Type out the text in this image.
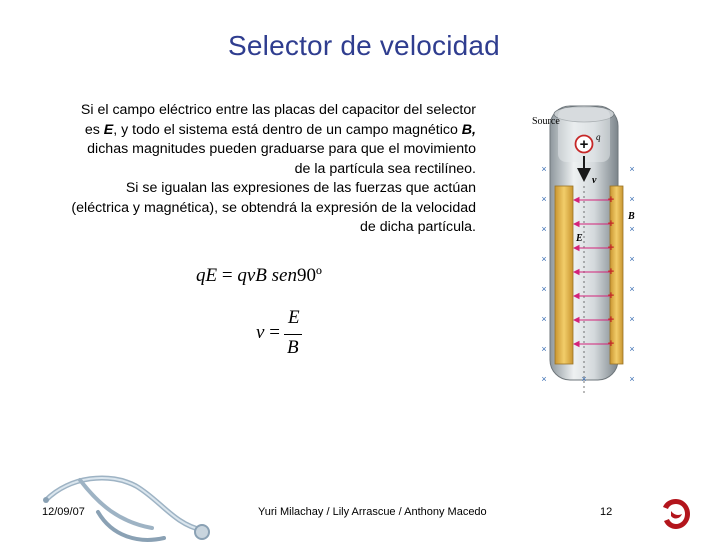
Selector de velocidad
Si el campo eléctrico entre las placas del capacitor del selector
es E, y todo el sistema está dentro de un campo magnético B,
dichas magnitudes pueden graduarse para que el movimiento
de la partícula sea rectilíneo.
Si se igualan las expresiones de las fuerzas que actúan
(eléctrica y magnética), se obtendrá la expresión de la velocidad
de dicha partícula.
qE = qvB sen90º
v =
E
B
Source
+ q
v
E
+
+
+
+
+
+
+
×	×
×	×
×	×
×	×
×	×
×	×
×	×
×	×	×
B
12/09/07	Yuri Milachay / Lily Arrascue / Anthony Macedo	12
